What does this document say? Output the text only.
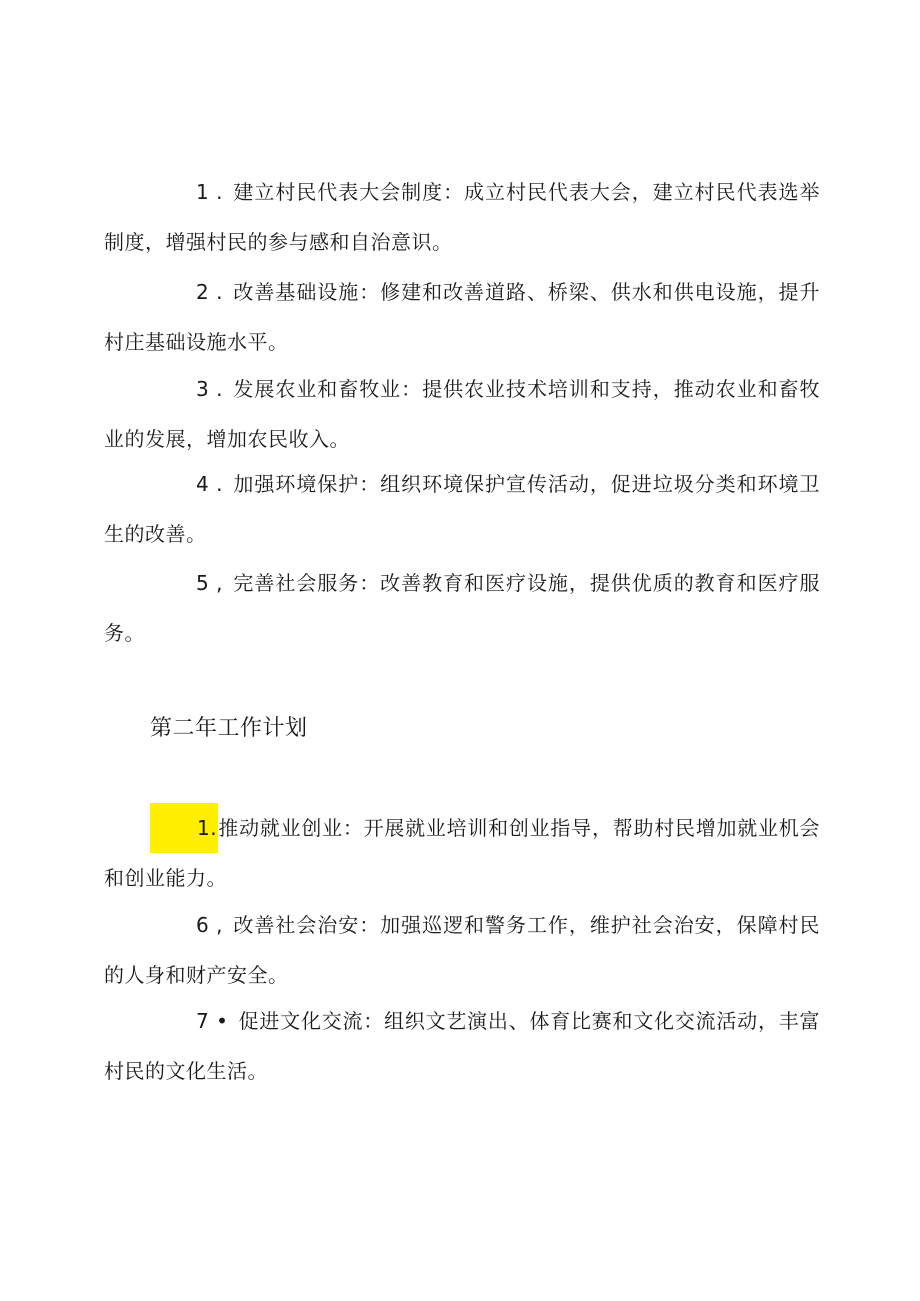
1 . 建立村民代表大会制度：成立村民代表大会，建立村民代表选举制度，增强村民的参与感和自治意识。

2 . 改善基础设施：修建和改善道路、桥梁、供水和供电设施，提升村庄基础设施水平。

3 . 发展农业和畜牧业：提供农业技术培训和支持，推动农业和畜牧业的发展，增加农民收入。

4 . 加强环境保护：组织环境保护宣传活动，促进垃圾分类和环境卫生的改善。

5 , 完善社会服务：改善教育和医疗设施，提供优质的教育和医疗服务。

第二年工作计划

1.推动就业创业：开展就业培训和创业指导，帮助村民增加就业机会和创业能力。

6 , 改善社会治安：加强巡逻和警务工作，维护社会治安，保障村民的人身和财产安全。

7 • 促进文化交流：组织文艺演出、体育比赛和文化交流活动，丰富村民的文化生活。
